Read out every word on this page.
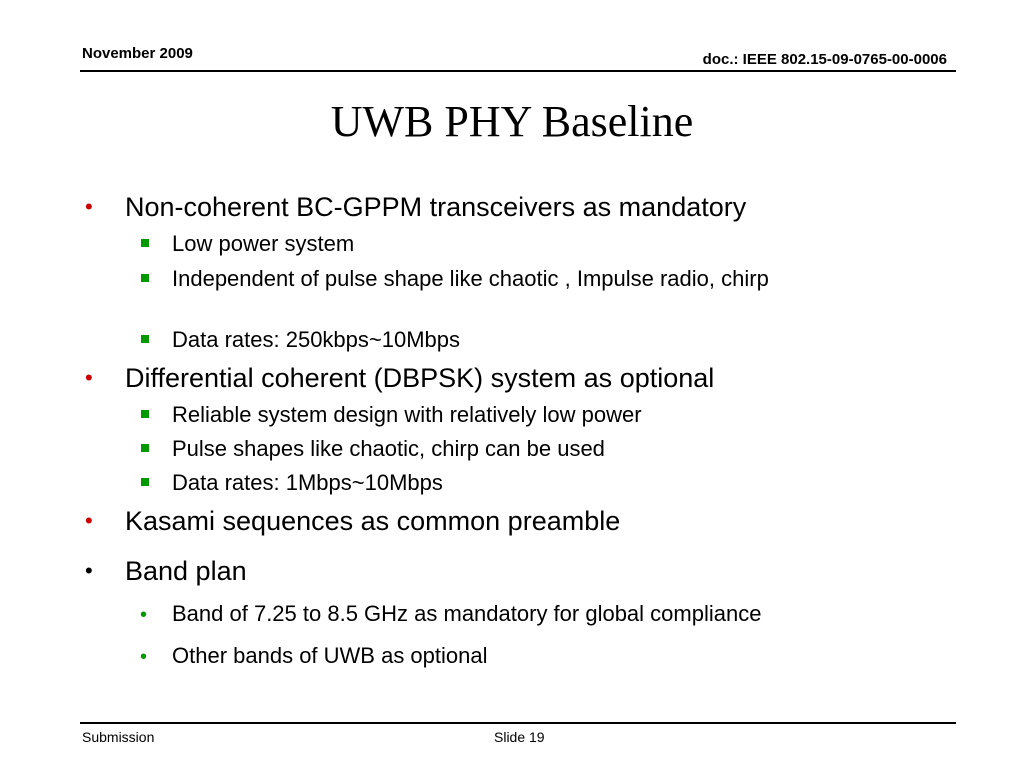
November 2009	doc.: IEEE 802.15-09-0765-00-0006
UWB PHY Baseline
•	Non-coherent BC-GPPM transceivers as mandatory
Low power system
Independent of pulse shape like chaotic , Impulse radio, chirp
Data rates: 250kbps~10Mbps
•	Differential coherent (DBPSK) system as optional
Reliable system design with relatively low power
Pulse shapes like chaotic, chirp can be used
Data rates: 1Mbps~10Mbps
•	Kasami sequences as common preamble
•	Band plan
• Band of 7.25 to 8.5 GHz as mandatory for global compliance
• Other bands of UWB as optional
Submission	Slide 19
